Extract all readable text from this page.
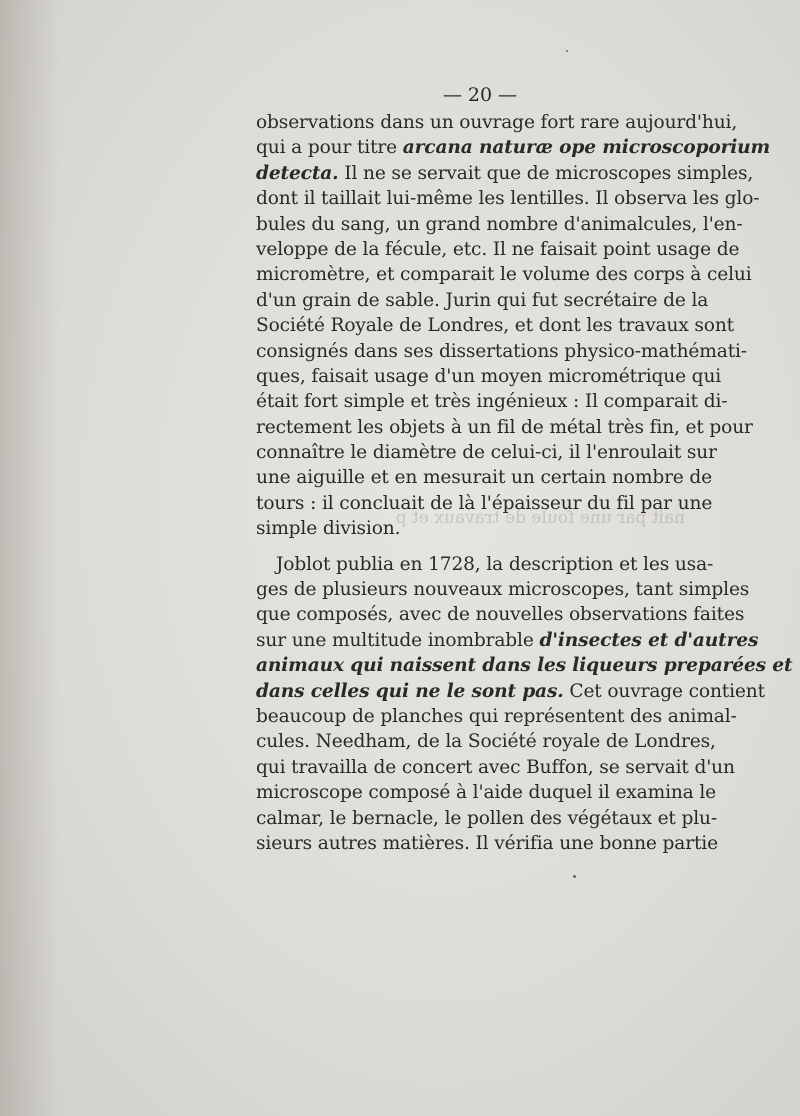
nait par une foule de travaux et p
— 20 —
observations dans un ouvrage fort rare aujourd'hui,
qui a pour titre arcana naturæ ope microscoporium
detecta. Il ne se servait que de microscopes simples,
dont il taillait lui-même les lentilles. Il observa les glo-
bules du sang, un grand nombre d'animalcules, l'en-
veloppe de la fécule, etc. Il ne faisait point usage de
micromètre, et comparait le volume des corps à celui
d'un grain de sable. Jurin qui fut secrétaire de la
Société Royale de Londres, et dont les travaux sont
consignés dans ses dissertations physico-mathémati-
ques, faisait usage d'un moyen micrométrique qui
était fort simple et très ingénieux : Il comparait di-
rectement les objets à un fil de métal très fin, et pour
connaître le diamètre de celui-ci, il l'enroulait sur
une aiguille et en mesurait un certain nombre de
tours : il concluait de là l'épaisseur du fil par une
simple division.
Joblot publia en 1728, la description et les usa-
ges de plusieurs nouveaux microscopes, tant simples
que composés, avec de nouvelles observations faites
sur une multitude inombrable d'insectes et d'autres
animaux qui naissent dans les liqueurs preparées et
dans celles qui ne le sont pas. Cet ouvrage contient
beaucoup de planches qui représentent des animal-
cules. Needham, de la Société royale de Londres,
qui travailla de concert avec Buffon, se servait d'un
microscope composé à l'aide duquel il examina le
calmar, le bernacle, le pollen des végétaux et plu-
sieurs autres matières. Il vérifia une bonne partie
